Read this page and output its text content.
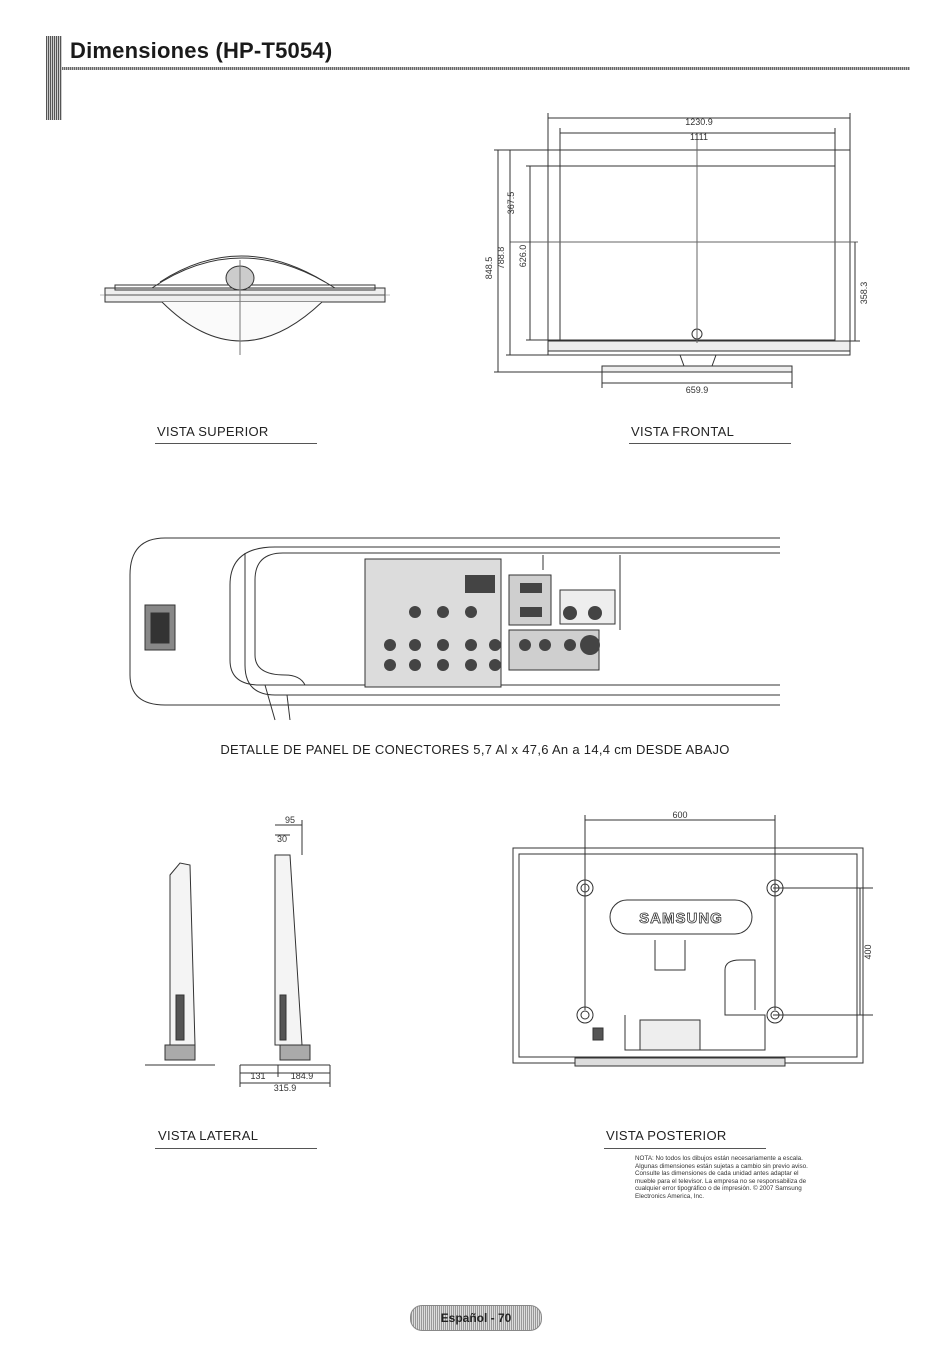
Dimensiones (HP-T5054)
VISTA SUPERIOR
1230.9
1111
659.9
848.5 788.8 626.0
367.5
358.3
VISTA FRONTAL
DETALLE DE PANEL DE CONECTORES 5,7 Al x 47,6 An a 14,4 cm DESDE ABAJO
95
30
131	184.9
315.9
VISTA LATERAL
SAMSUNG
600
400
VISTA POSTERIOR
NOTA: No todos los dibujos están necesariamente a escala. Algunas dimensiones están sujetas a cambio sin previo aviso. Consulte las dimensiones de cada unidad antes adaptar el mueble para el televisor. La empresa no se responsabiliza de cualquier error tipográfico o de impresión. © 2007 Samsung Electronics America, Inc.
Español - 70
